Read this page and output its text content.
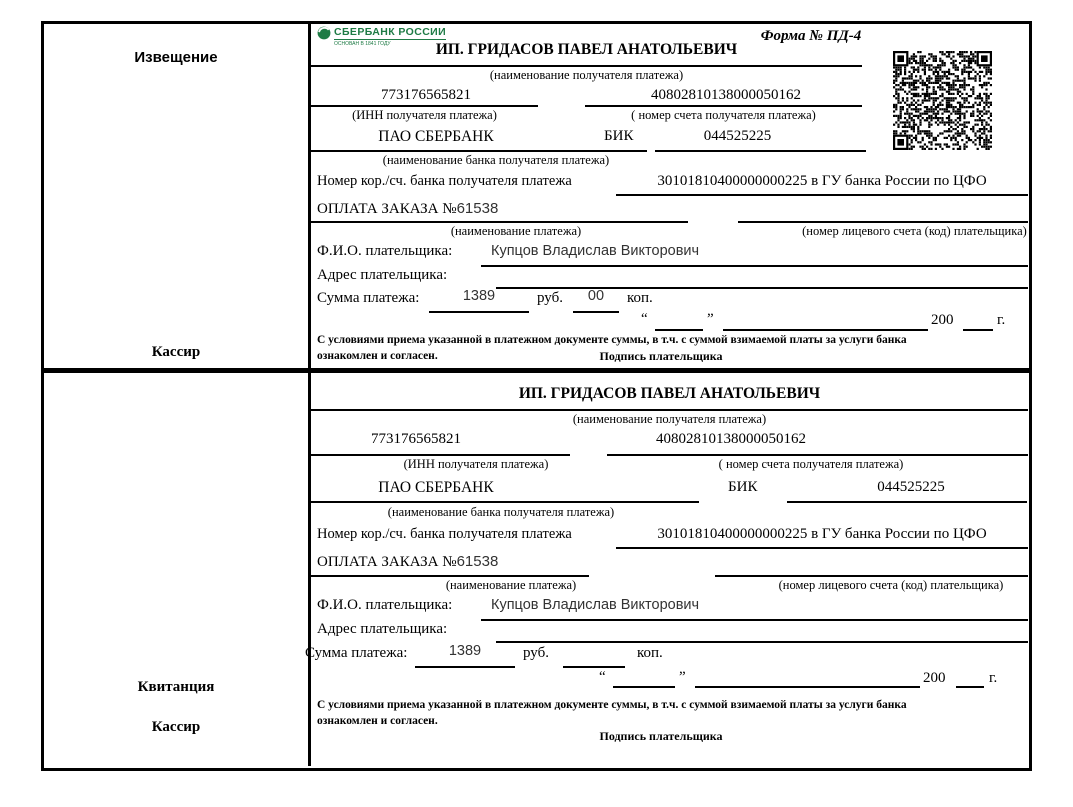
Извещение
Кассир
СБЕРБАНК РОССИИ
ОСНОВАН В 1841 ГОДУ	Форма № ПД-4
ИП. ГРИДАСОВ ПАВЕЛ АНАТОЛЬЕВИЧ
(наименование получателя платежа)
773176565821	40802810138000050162
(ИНН получателя платежа)	( номер счета получателя платежа)
ПАО СБЕРБАНК	БИК	044525225
(наименование банка получателя платежа)
Номер кор./сч. банка получателя платежа	30101810400000000225 в ГУ банка России по ЦФО
ОПЛАТА ЗАКАЗА №61538
(наименование платежа)	(номер лицевого счета (код) плательщика)
Ф.И.О. плательщика:	Купцов Владислав Викторович
Адрес плательщика:
Сумма платежа:	1389	руб.	00	коп.
“	”	200	г.
С условиями приема указанной в платежном документе суммы, в т.ч. с суммой взимаемой платы за услуги банка
ознакомлен и согласен.	Подпись плательщика
Квитанция
Кассир
ИП. ГРИДАСОВ ПАВЕЛ АНАТОЛЬЕВИЧ
(наименование получателя платежа)
773176565821	40802810138000050162
(ИНН получателя платежа)	( номер счета получателя платежа)
ПАО СБЕРБАНК	БИК	044525225
(наименование банка получателя платежа)
Номер кор./сч. банка получателя платежа	30101810400000000225 в ГУ банка России по ЦФО
ОПЛАТА ЗАКАЗА №61538
(наименование платежа)	(номер лицевого счета (код) плательщика)
Ф.И.О. плательщика:	Купцов Владислав Викторович
Адрес плательщика:
Сумма платежа:	1389	руб.	коп.
“	”	200	г.
С условиями приема указанной в платежном документе суммы, в т.ч. с суммой взимаемой платы за услуги банка
ознакомлен и согласен.
Подпись плательщика
